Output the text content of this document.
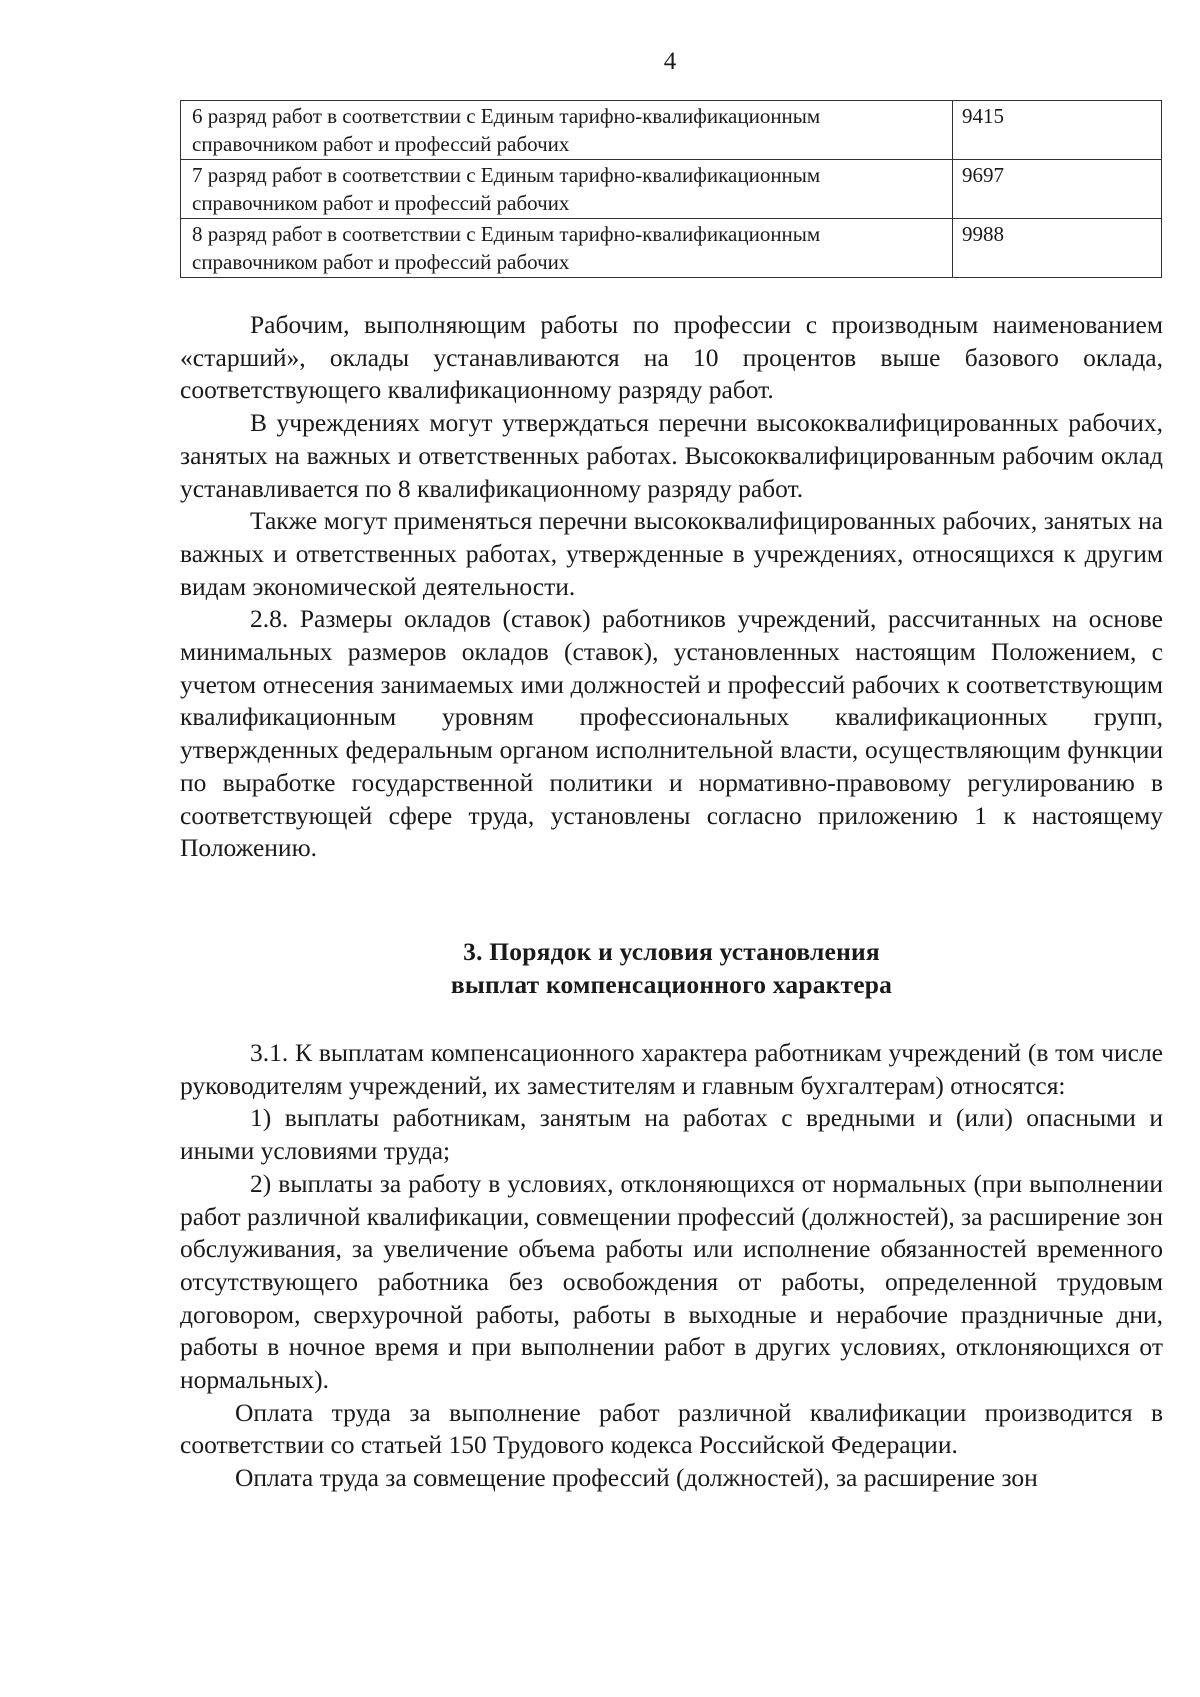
4
6 разряд работ в соответствии с Единым тарифно-квалификационным справочником работ и профессий рабочих	9415
7 разряд работ в соответствии с Единым тарифно-квалификационным справочником работ и профессий рабочих	9697
8 разряд работ в соответствии с Единым тарифно-квалификационным справочником работ и профессий рабочих	9988

Рабочим, выполняющим работы по профессии с производным наименованием «старший», оклады устанавливаются на 10 процентов выше базового оклада, соответствующего квалификационному разряду работ.

В учреждениях могут утверждаться перечни высококвалифицированных рабочих, занятых на важных и ответственных работах. Высококвалифицированным рабочим оклад устанавливается по 8 квалификационному разряду работ.

Также могут применяться перечни высококвалифицированных рабочих, занятых на важных и ответственных работах, утвержденные в учреждениях, относящихся к другим видам экономической деятельности.

2.8. Размеры окладов (ставок) работников учреждений, рассчитанных на основе минимальных размеров окладов (ставок), установленных настоящим Положением, с учетом отнесения занимаемых ими должностей и профессий рабочих к соответствующим квалификационным уровням профессиональных квалификационных групп, утвержденных федеральным органом исполнительной власти, осуществляющим функции по выработке государственной политики и нормативно-правовому регулированию в соответствующей сфере труда, установлены согласно приложению 1 к настоящему Положению.

3. Порядок и условия установления
выплат компенсационного характера

3.1. К выплатам компенсационного характера работникам учреждений (в том числе руководителям учреждений, их заместителям и главным бухгалтерам) относятся:

1) выплаты работникам, занятым на работах с вредными и (или) опасными и иными условиями труда;

2) выплаты за работу в условиях, отклоняющихся от нормальных (при выполнении работ различной квалификации, совмещении профессий (должностей), за расширение зон обслуживания, за увеличение объема работы или исполнение обязанностей временного отсутствующего работника без освобождения от работы, определенной трудовым договором, сверхурочной работы, работы в выходные и нерабочие праздничные дни, работы в ночное время и при выполнении работ в других условиях, отклоняющихся от нормальных).

Оплата труда за выполнение работ различной квалификации производится в соответствии со статьей 150 Трудового кодекса Российской Федерации.

Оплата труда за совмещение профессий (должностей), за расширение зон
